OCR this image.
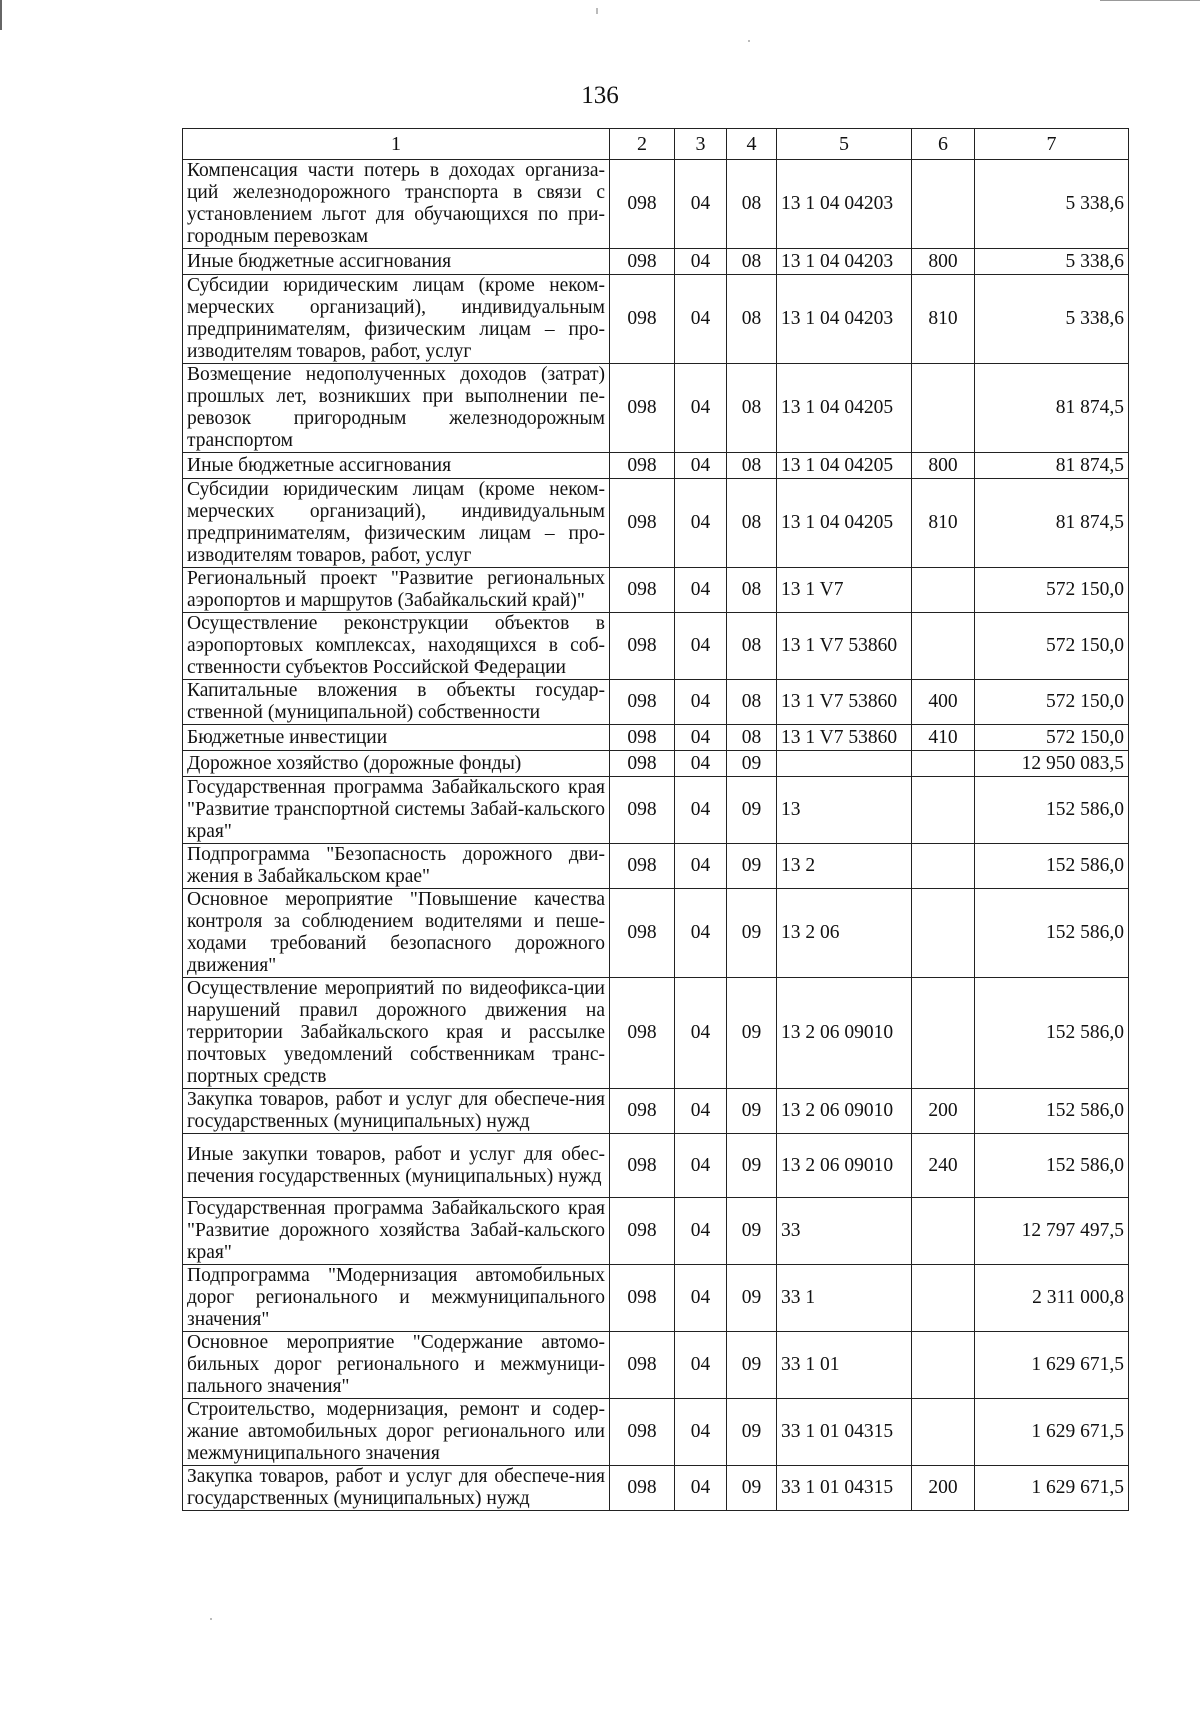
136
1	2	3	4	5	6	7
Компенсация части потерь в доходах организа-ций железнодорожного транспорта в связи с установлением льгот для обучающихся по при-городным перевозкам	098	04	08	13 1 04 04203		5 338,6
Иные бюджетные ассигнования	098	04	08	13 1 04 04203	800	5 338,6
Субсидии юридическим лицам (кроме неком-мерческих организаций), индивидуальным предпринимателям, физическим лицам – про-изводителям товаров, работ, услуг	098	04	08	13 1 04 04203	810	5 338,6
Возмещение недополученных доходов (затрат) прошлых лет, возникших при выполнении пе-ревозок пригородным железнодорожным транспортом	098	04	08	13 1 04 04205		81 874,5
Иные бюджетные ассигнования	098	04	08	13 1 04 04205	800	81 874,5
Субсидии юридическим лицам (кроме неком-мерческих организаций), индивидуальным предпринимателям, физическим лицам – про-изводителям товаров, работ, услуг	098	04	08	13 1 04 04205	810	81 874,5
Региональный проект "Развитие региональных аэропортов и маршрутов (Забайкальский край)"	098	04	08	13 1 V7		572 150,0
Осуществление реконструкции объектов в аэропортовых комплексах, находящихся в соб-ственности субъектов Российской Федерации	098	04	08	13 1 V7 53860		572 150,0
Капитальные вложения в объекты государ-ственной (муниципальной) собственности	098	04	08	13 1 V7 53860	400	572 150,0
Бюджетные инвестиции	098	04	08	13 1 V7 53860	410	572 150,0
Дорожное хозяйство (дорожные фонды)	098	04	09			12 950 083,5
Государственная программа Забайкальского края "Развитие транспортной системы Забай-кальского края"	098	04	09	13		152 586,0
Подпрограмма "Безопасность дорожного дви-жения в Забайкальском крае"	098	04	09	13 2		152 586,0
Основное мероприятие "Повышение качества контроля за соблюдением водителями и пеше-ходами требований безопасного дорожного движения"	098	04	09	13 2 06		152 586,0
Осуществление мероприятий по видеофикса-ции нарушений правил дорожного движения на территории Забайкальского края и рассылке почтовых уведомлений собственникам транс-портных средств	098	04	09	13 2 06 09010		152 586,0
Закупка товаров, работ и услуг для обеспече-ния государственных (муниципальных) нужд	098	04	09	13 2 06 09010	200	152 586,0
Иные закупки товаров, работ и услуг для обес-печения государственных (муниципальных) нужд	098	04	09	13 2 06 09010	240	152 586,0
Государственная программа Забайкальского края "Развитие дорожного хозяйства Забай-кальского края"	098	04	09	33		12 797 497,5
Подпрограмма "Модернизация автомобильных дорог регионального и межмуниципального значения"	098	04	09	33 1		2 311 000,8
Основное мероприятие "Содержание автомо-бильных дорог регионального и межмуници-пального значения"	098	04	09	33 1 01		1 629 671,5
Строительство, модернизация, ремонт и содер-жание автомобильных дорог регионального или межмуниципального значения	098	04	09	33 1 01 04315		1 629 671,5
Закупка товаров, работ и услуг для обеспече-ния государственных (муниципальных) нужд	098	04	09	33 1 01 04315	200	1 629 671,5
